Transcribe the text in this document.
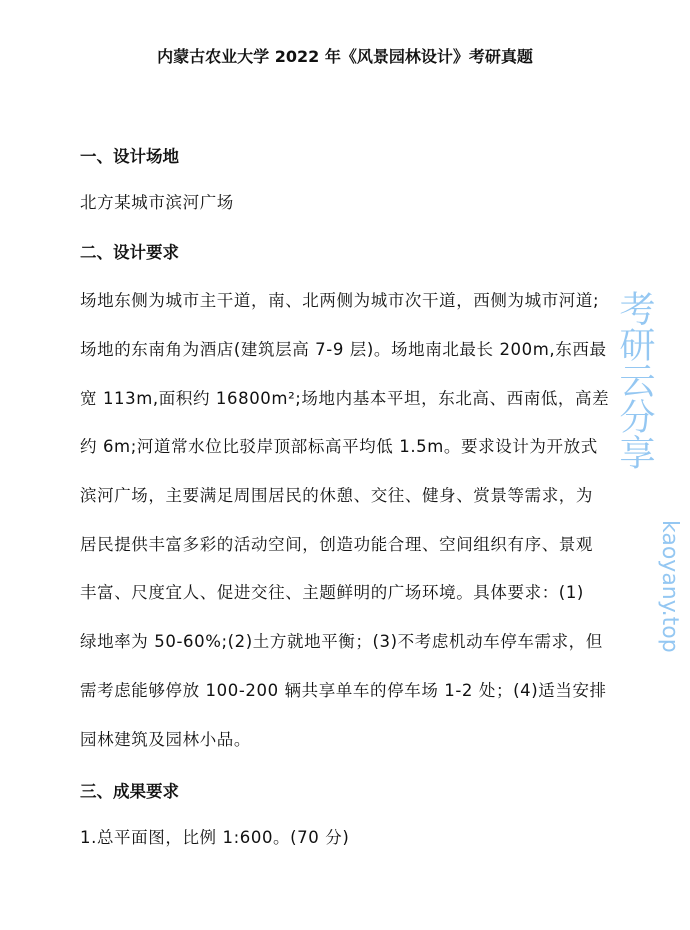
考研云分享
kaoyany.top
内蒙古农业大学 2022 年《风景园林设计》考研真题
一、设计场地
北方某城市滨河广场
二、设计要求
场地东侧为城市主干道，南、北两侧为城市次干道，西侧为城市河道;
场地的东南角为酒店(建筑层高 7-9 层)。场地南北最长 200m,东西最
宽 113m,面积约 16800m²;场地内基本平坦，东北高、西南低，高差
约 6m;河道常水位比驳岸顶部标高平均低 1.5m。要求设计为开放式
滨河广场，主要满足周围居民的休憩、交往、健身、赏景等需求，为
居民提供丰富多彩的活动空间，创造功能合理、空间组织有序、景观
丰富、尺度宜人、促进交往、主题鲜明的广场环境。具体要求：(1)
绿地率为 50-60%;(2)土方就地平衡；(3)不考虑机动车停车需求，但
需考虑能够停放 100-200 辆共享单车的停车场 1-2 处；(4)适当安排
园林建筑及园林小品。
三、成果要求
1.总平面图，比例 1:600。(70 分)
